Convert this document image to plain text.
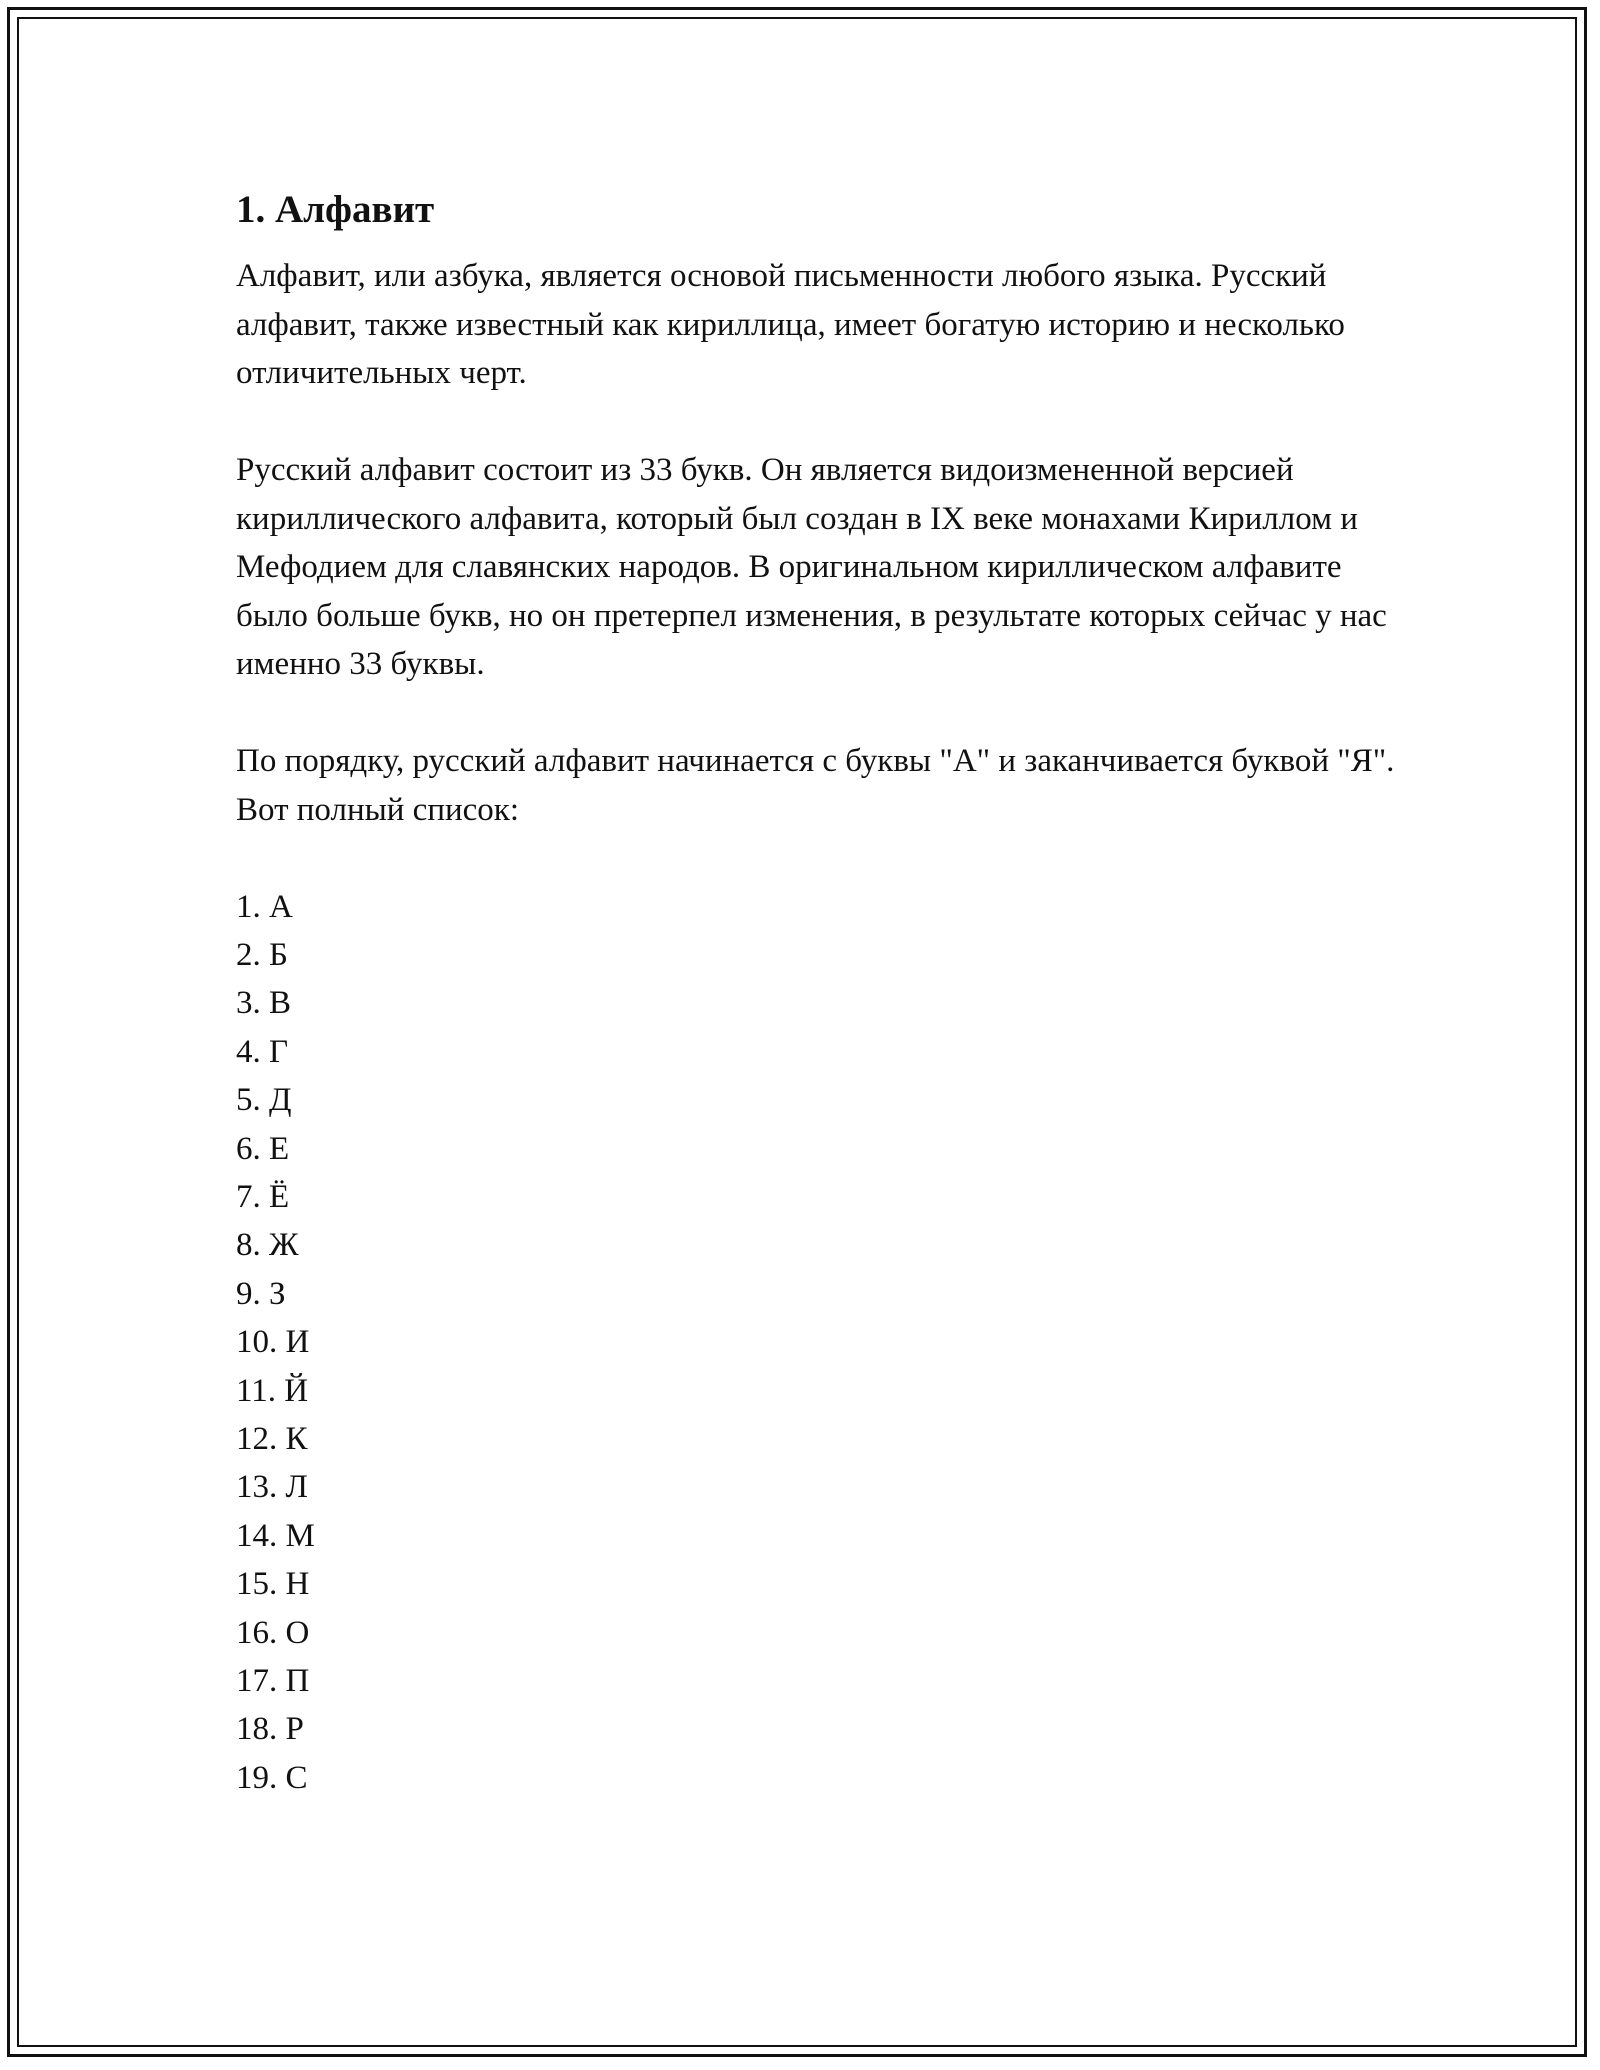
1. Алфавит

Алфавит, или азбука, является основой письменности любого языка. Русский алфавит, также известный как кириллица, имеет богатую историю и несколько отличительных черт.

Русский алфавит состоит из 33 букв. Он является видоизмененной версией кириллического алфавита, который был создан в IX веке монахами Кириллом и Мефодием для славянских народов. В оригинальном кириллическом алфавите было больше букв, но он претерпел изменения, в результате которых сейчас у нас именно 33 буквы.

По порядку, русский алфавит начинается с буквы "А" и заканчивается буквой "Я". Вот полный список:

1. А
2. Б
3. В
4. Г
5. Д
6. Е
7. Ё
8. Ж
9. З
10. И
11. Й
12. К
13. Л
14. М
15. Н
16. О
17. П
18. Р
19. С
